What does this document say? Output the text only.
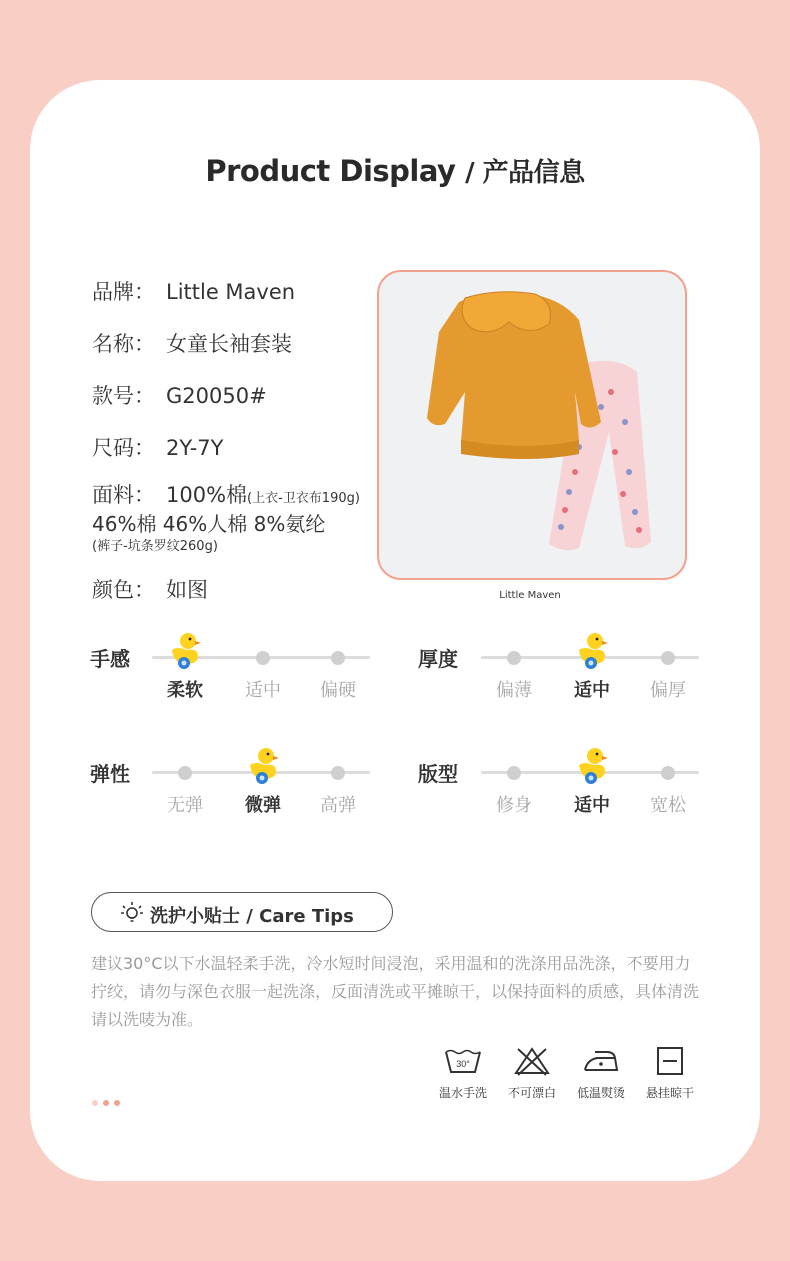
Product Display / 产品信息
品牌： Little Maven
名称： 女童长袖套装
款号： G20050#
尺码： 2Y-7Y
面料： 100%棉(上衣-卫衣布190g)
46%棉 46%人棉 8%氨纶
(裤子-坑条罗纹260g)
颜色： 如图	Little Maven
手感
柔软	适中	偏硬
厚度
偏薄	适中	偏厚
弹性
无弹	微弹	高弹
版型
修身	适中	宽松
洗护小贴士 / Care Tips
建议30°C以下水温轻柔手洗，冷水短时间浸泡，采用温和的洗涤用品洗涤，不要用力拧绞，请勿与深色衣服一起洗涤，反面清洗或平摊晾干，以保持面料的质感，具体清洗请以洗唛为准。
30°
温水手洗	不可漂白	低温熨烫	悬挂晾干
